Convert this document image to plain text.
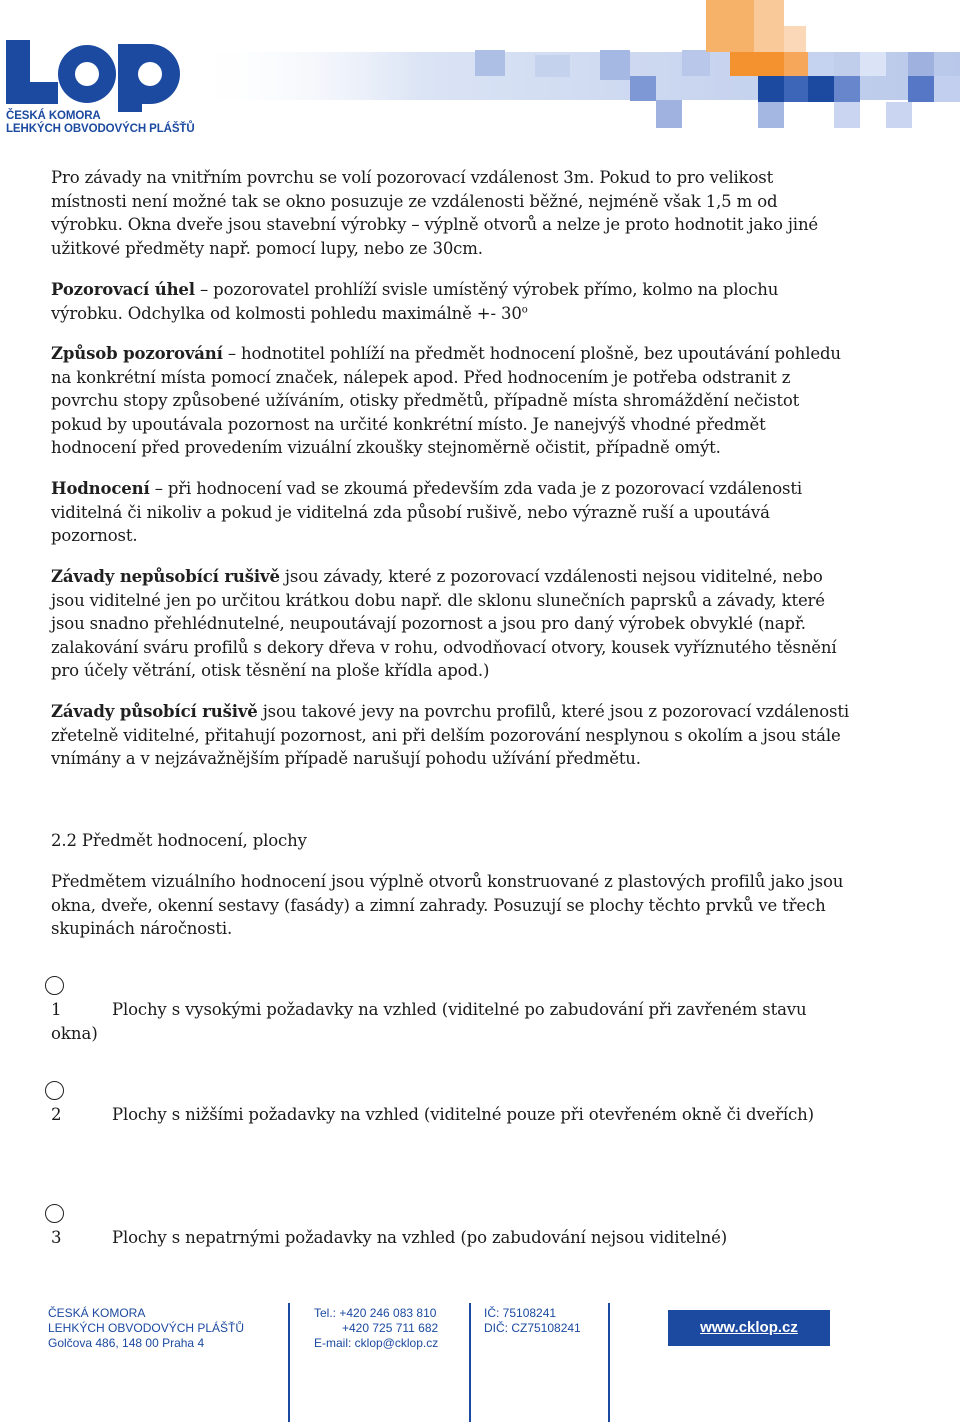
ČESKÁ KOMORA
LEHKÝCH OBVODOVÝCH PLÁŠŤŮ

Pro závady na vnitřním povrchu se volí pozorovací vzdálenost 3m. Pokud to pro velikost místnosti není možné tak se okno posuzuje ze vzdálenosti běžné, nejméně však 1,5 m od výrobku. Okna dveře jsou stavební výrobky – výplně otvorů a nelze je proto hodnotit jako jiné užitkové předměty např. pomocí lupy, nebo ze 30cm.

Pozorovací úhel – pozorovatel prohlíží svisle umístěný výrobek přímo, kolmo na plochu výrobku. Odchylka od kolmosti pohledu maximálně +- 30$^o$

Způsob pozorování – hodnotitel pohlíží na předmět hodnocení plošně, bez upoutávání pohledu na konkrétní místa pomocí značek, nálepek apod. Před hodnocením je potřeba odstranit z povrchu stopy způsobené užíváním, otisky předmětů, případně místa shromáždění nečistot pokud by upoutávala pozornost na určité konkrétní místo. Je nanejvýš vhodné předmět hodnocení před provedením vizuální zkoušky stejnoměrně očistit, případně omýt.

Hodnocení – při hodnocení vad se zkoumá především zda vada je z pozorovací vzdálenosti viditelná či nikoliv a pokud je viditelná zda působí rušivě, nebo výrazně ruší a upoutává pozornost.

Závady nepůsobící rušivě jsou závady, které z pozorovací vzdálenosti nejsou viditelné, nebo jsou viditelné jen po určitou krátkou dobu např. dle sklonu slunečních paprsků a závady, které jsou snadno přehlédnutelné, neupoutávají pozornost a jsou pro daný výrobek obvyklé (např. zalakování sváru profilů s dekory dřeva v rohu, odvodňovací otvory, kousek vyříznutého těsnění pro účely větrání, otisk těsnění na ploše křídla apod.)

Závady působící rušivě jsou takové jevy na povrchu profilů, které jsou z pozorovací vzdálenosti zřetelně viditelné, přitahují pozornost, ani při delším pozorování nesplynou s okolím a jsou stále vnímány a v nejzávažnějším případě narušují pohodu užívání předmětu.

2.2 Předmět hodnocení, plochy

Předmětem vizuálního hodnocení jsou výplně otvorů konstruované z plastových profilů jako jsou okna, dveře, okenní sestavy (fasády) a zimní zahrady. Posuzují se plochy těchto prvků ve třech skupinách náročnosti.

1	Plochy s vysokými požadavky na vzhled (viditelné po zabudování při zavřeném stavu
okna)
2	Plochy s nižšími požadavky na vzhled (viditelné pouze při otevřeném okně či dveřích)
3	Plochy s nepatrnými požadavky na vzhled (po zabudování nejsou viditelné)
ČESKÁ KOMORA
LEHKÝCH OBVODOVÝCH PLÁŠŤŮ
Golčova 486, 148 00 Praha 4
Tel.: +420 246 083 810
+420 725 711 682
E-mail: cklop@cklop.cz
IČ: 75108241
DIČ: CZ75108241	www.cklop.cz
